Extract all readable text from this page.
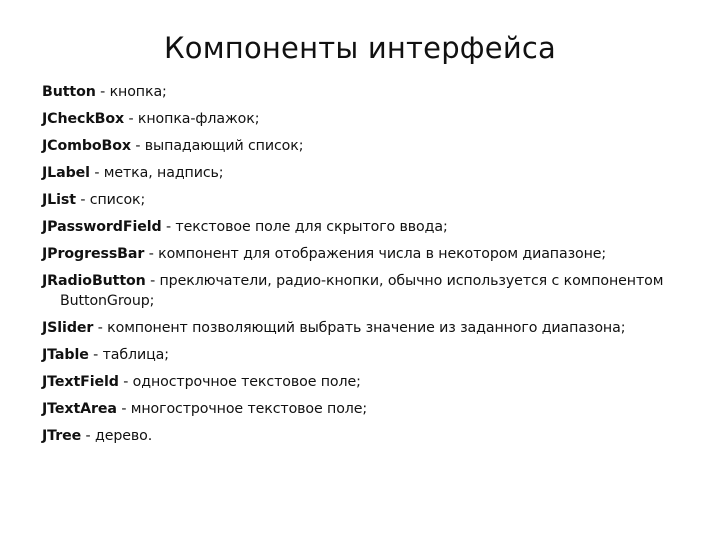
Компоненты интерфейса
Button - кнопка;
JCheckBox - кнопка-флажок;
JComboBox - выпадающий список;
JLabel - метка, надпись;
JList - список;
JPasswordField - текстовое поле для скрытого ввода;
JProgressBar - компонент для отображения числа в некотором диапазоне;
JRadioButton - преключатели, радио-кнопки, обычно используется с компонентом ButtonGroup;
JSlider - компонент позволяющий выбрать значение из заданного диапазона;
JTable - таблица;
JTextField - однострочное текстовое поле;
JTextArea - многострочное текстовое поле;
JTree - дерево.
